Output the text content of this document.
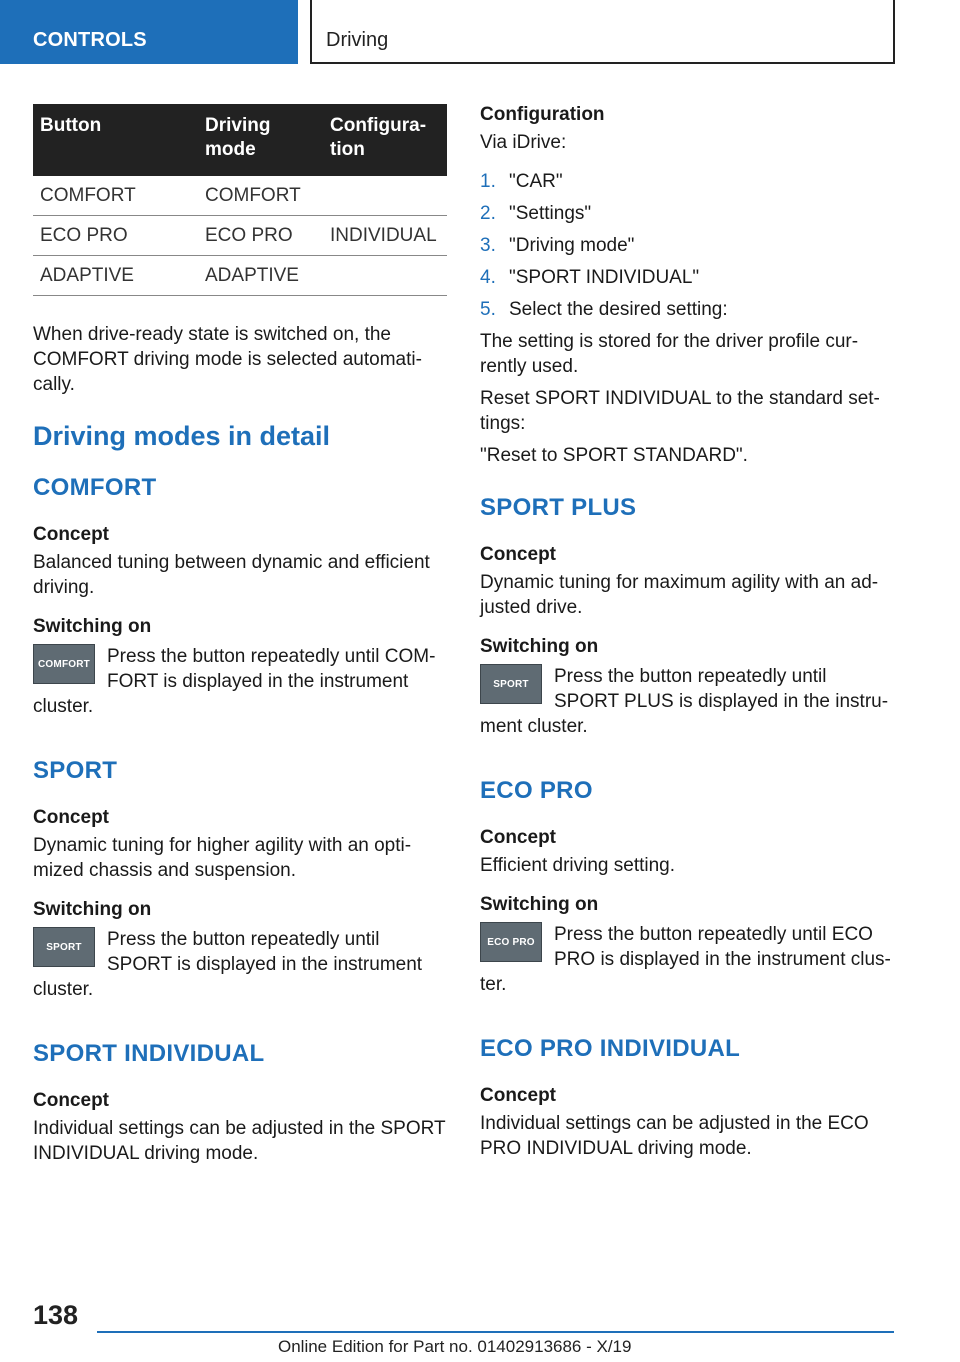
CONTROLS	Driving
Button	Driving mode	Configuration
COMFORT	COMFORT	
ECO PRO	ECO PRO	INDIVIDUAL
ADAPTIVE	ADAPTIVE	

When drive-ready state is switched on, the COMFORT driving mode is selected automatically.

Driving modes in detail
COMFORT
Concept

Balanced tuning between dynamic and efficient driving.

Switching on
COMFORT Press the button repeatedly until COMFORT is displayed in the instrument cluster.

SPORT
Concept

Dynamic tuning for higher agility with an optimized chassis and suspension.

Switching on
SPORT	Press the button repeatedly until SPORT is displayed in the instrument cluster.

SPORT INDIVIDUAL
Concept

Individual settings can be adjusted in the SPORT INDIVIDUAL driving mode.

Configuration

Via iDrive:

1. "CAR"
2. "Settings"
3. "Driving mode"
4. "SPORT INDIVIDUAL"
5. Select the desired setting:

The setting is stored for the driver profile currently used.

Reset SPORT INDIVIDUAL to the standard settings:

"Reset to SPORT STANDARD".

SPORT PLUS
Concept

Dynamic tuning for maximum agility with an adjusted drive.

Switching on
SPORT	Press the button repeatedly until SPORT PLUS is displayed in the instrument cluster.

ECO PRO
Concept

Efficient driving setting.

Switching on
ECO PRO	Press the button repeatedly until ECO PRO is displayed in the instrument cluster.

ECO PRO INDIVIDUAL
Concept

Individual settings can be adjusted in the ECO PRO INDIVIDUAL driving mode.

138
Online Edition for Part no. 01402913686 - X/19
